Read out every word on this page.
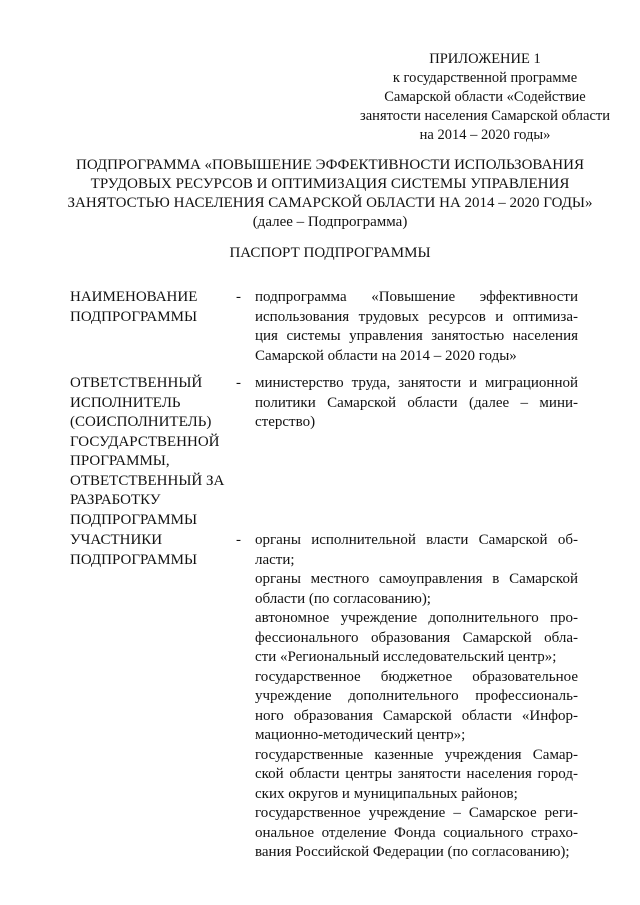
ПРИЛОЖЕНИЕ 1
к государственной программе
Самарской области «Содействие
занятости населения Самарской области
на 2014 – 2020 годы»
ПОДПРОГРАММА «ПОВЫШЕНИЕ ЭФФЕКТИВНОСТИ ИСПОЛЬЗОВАНИЯ
ТРУДОВЫХ РЕСУРСОВ И ОПТИМИЗАЦИЯ СИСТЕМЫ УПРАВЛЕНИЯ
ЗАНЯТОСТЬЮ НАСЕЛЕНИЯ САМАРСКОЙ ОБЛАСТИ НА 2014 – 2020 ГОДЫ»
(далее – Подпрограмма)
ПАСПОРТ ПОДПРОГРАММЫ
НАИМЕНОВАНИЕ
ПОДПРОГРАММЫ
- подпрограмма «Повышение эффективности
использования трудовых ресурсов и оптимиза-
ция системы управления занятостью населения
Самарской области на 2014 – 2020 годы»
ОТВЕТСТВЕННЫЙ
ИСПОЛНИТЕЛЬ
(СОИСПОЛНИТЕЛЬ)
ГОСУДАРСТВЕННОЙ
ПРОГРАММЫ,
ОТВЕТСТВЕННЫЙ ЗА
РАЗРАБОТКУ
ПОДПРОГРАММЫ
- министерство труда, занятости и миграционной
политики Самарской области (далее – мини-
стерство)
УЧАСТНИКИ
ПОДПРОГРАММЫ
- органы исполнительной власти Самарской об-
ласти;
органы местного самоуправления в Самарской
области (по согласованию);
автономное учреждение дополнительного про-
фессионального образования Самарской обла-
сти «Региональный исследовательский центр»;
государственное бюджетное образовательное
учреждение дополнительного профессиональ-
ного образования Самарской области «Инфор-
мационно-методический центр»;
государственные казенные учреждения Самар-
ской области центры занятости населения город-
ских округов и муниципальных районов;
государственное учреждение – Самарское реги-
ональное отделение Фонда социального страхо-
вания Российской Федерации (по согласованию);
